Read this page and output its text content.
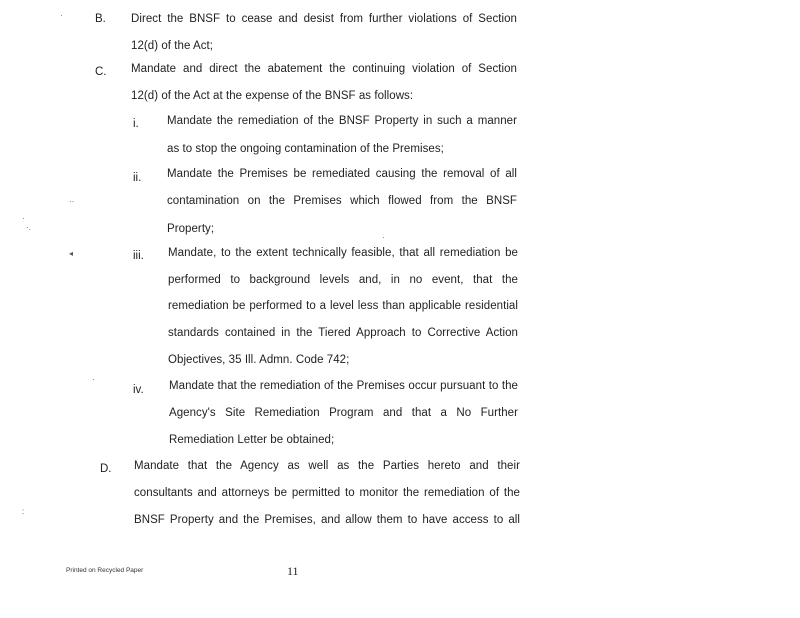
B. Direct the BNSF to cease and desist from further violations of Section
12(d) of the Act;
C. Mandate and direct the abatement the continuing violation of Section
12(d) of the Act at the expense of the BNSF as follows:
i. Mandate the remediation of the BNSF Property in such a manner
as to stop the ongoing contamination of the Premises;
ii. Mandate the Premises be remediated causing the removal of all
contamination on the Premises which flowed from the BNSF
Property;
iii. Mandate, to the extent technically feasible, that all remediation be
performed to background levels and, in no event, that the
remediation be performed to a level less than applicable residential
standards contained in the Tiered Approach to Corrective Action
Objectives, 35 Ill. Admn. Code 742;
iv. Mandate that the remediation of the Premises occur pursuant to the
Agency's Site Remediation Program and that a No Further
Remediation Letter be obtained;
D. Mandate that the Agency as well as the Parties hereto and their
consultants and attorneys be permitted to monitor the remediation of the
BNSF Property and the Premises, and allow them to have access to all
Printed on Recycled Paper	11
·
··
·
·.
◂
·
:
·
